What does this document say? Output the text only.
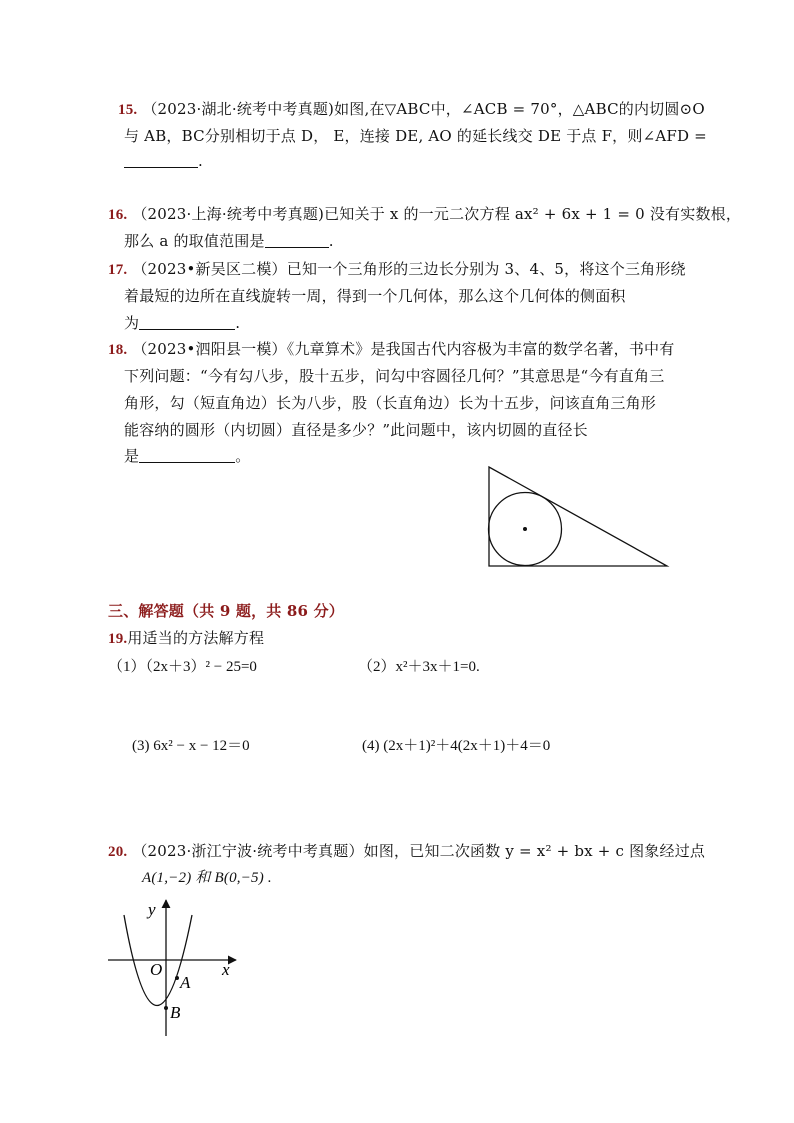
15. （2023·湖北·统考中考真题)如图,在▽ABC中，∠ACB = 70°，△ABC的内切圆⊙O
与 AB，BC分别相切于点 D， E，连接 DE, AO 的延长线交 DE 于点 F，则∠AFD =
.
16. （2023·上海·统考中考真题)已知关于 x 的一元二次方程 ax² + 6x + 1 = 0 没有实数根，
那么 a 的取值范围是	.
17. （2023•新吴区二模）已知一个三角形的三边长分别为 3、4、5，将这个三角形绕
着最短的边所在直线旋转一周，得到一个几何体，那么这个几何体的侧面积
为	.
18. （2023•泗阳县一模）《九章算术》是我国古代内容极为丰富的数学名著，书中有
下列问题：“今有勾八步，股十五步，问勾中容圆径几何？”其意思是“今有直角三
角形，勾（短直角边）长为八步，股（长直角边）长为十五步，问该直角三角形
能容纳的圆形（内切圆）直径是多少？”此问题中，该内切圆的直径长
是	。
三、解答题（共 9 题，共 86 分）
19.用适当的方法解方程
（1）（2x＋3）² − 25=0	（2）x²＋3x＋1=0.
(3) 6x² − x − 12＝0	(4) (2x＋1)²＋4(2x＋1)＋4＝0
20. （2023·浙江宁波·统考中考真题）如图，已知二次函数 y = x² + bx + c 图象经过点
A(1,−2) 和 B(0,−5) .
y
x
O
A
B
